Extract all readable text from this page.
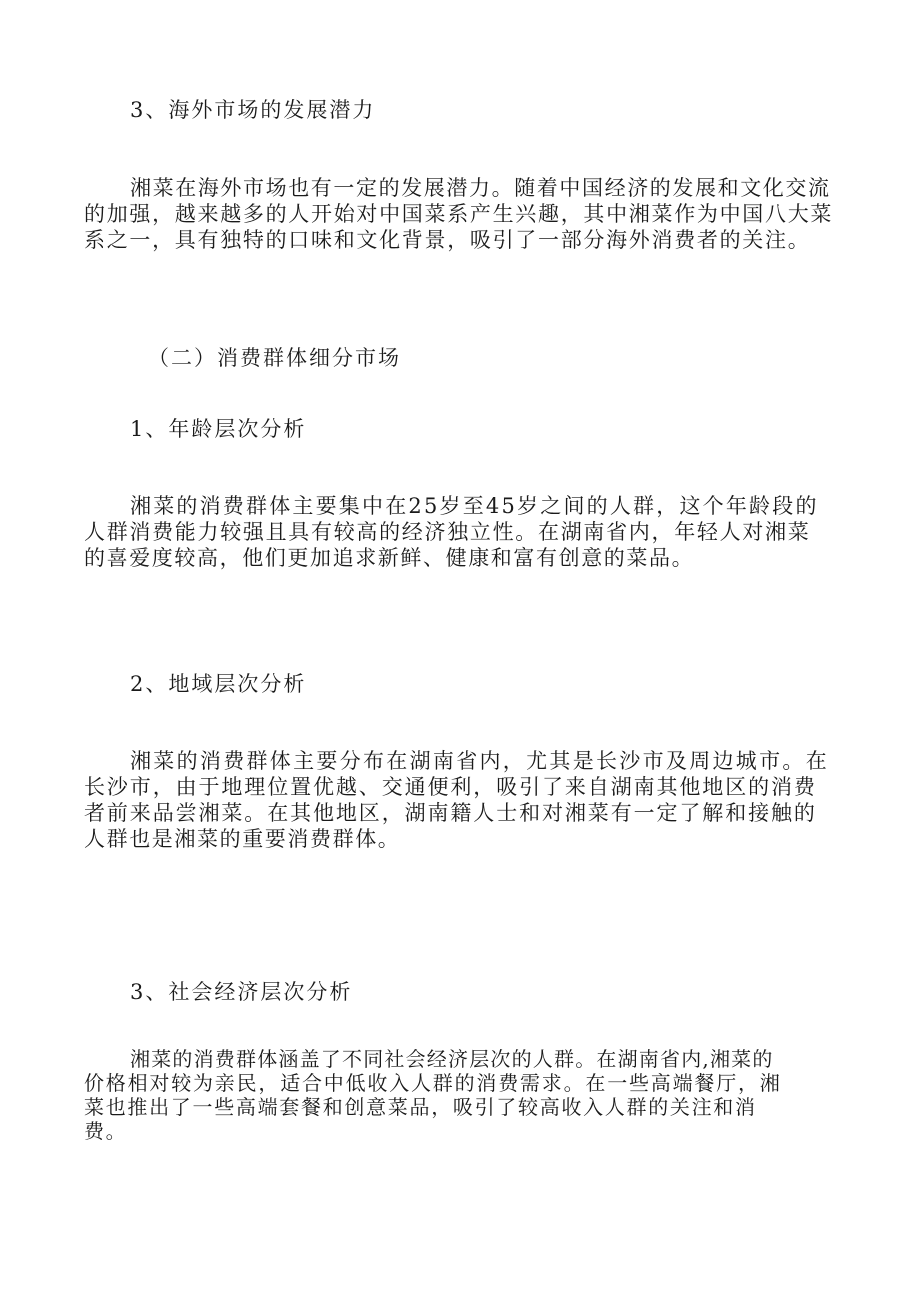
3、海外市场的发展潜力

湘菜在海外市场也有一定的发展潜力。随着中国经济的发展和文化交流

的加强，越来越多的人开始对中国菜系产生兴趣，其中湘菜作为中国八大菜

系之一，具有独特的口味和文化背景，吸引了一部分海外消费者的关注。

（二）消费群体细分市场
1、年龄层次分析

湘菜的消费群体主要集中在25岁至45岁之间的人群，这个年龄段的

人群消费能力较强且具有较高的经济独立性。在湖南省内，年轻人对湘菜

的喜爱度较高，他们更加追求新鲜、健康和富有创意的菜品。

2、地域层次分析

湘菜的消费群体主要分布在湖南省内，尤其是长沙市及周边城市。在

长沙市，由于地理位置优越、交通便利，吸引了来自湖南其他地区的消费

者前来品尝湘菜。在其他地区，湖南籍人士和对湘菜有一定了解和接触的

人群也是湘菜的重要消费群体。

3、社会经济层次分析

湘菜的消费群体涵盖了不同社会经济层次的人群。在湖南省内,湘菜的

价格相对较为亲民，适合中低收入人群的消费需求。在一些高端餐厅，湘

菜也推出了一些高端套餐和创意菜品，吸引了较高收入人群的关注和消

费。
